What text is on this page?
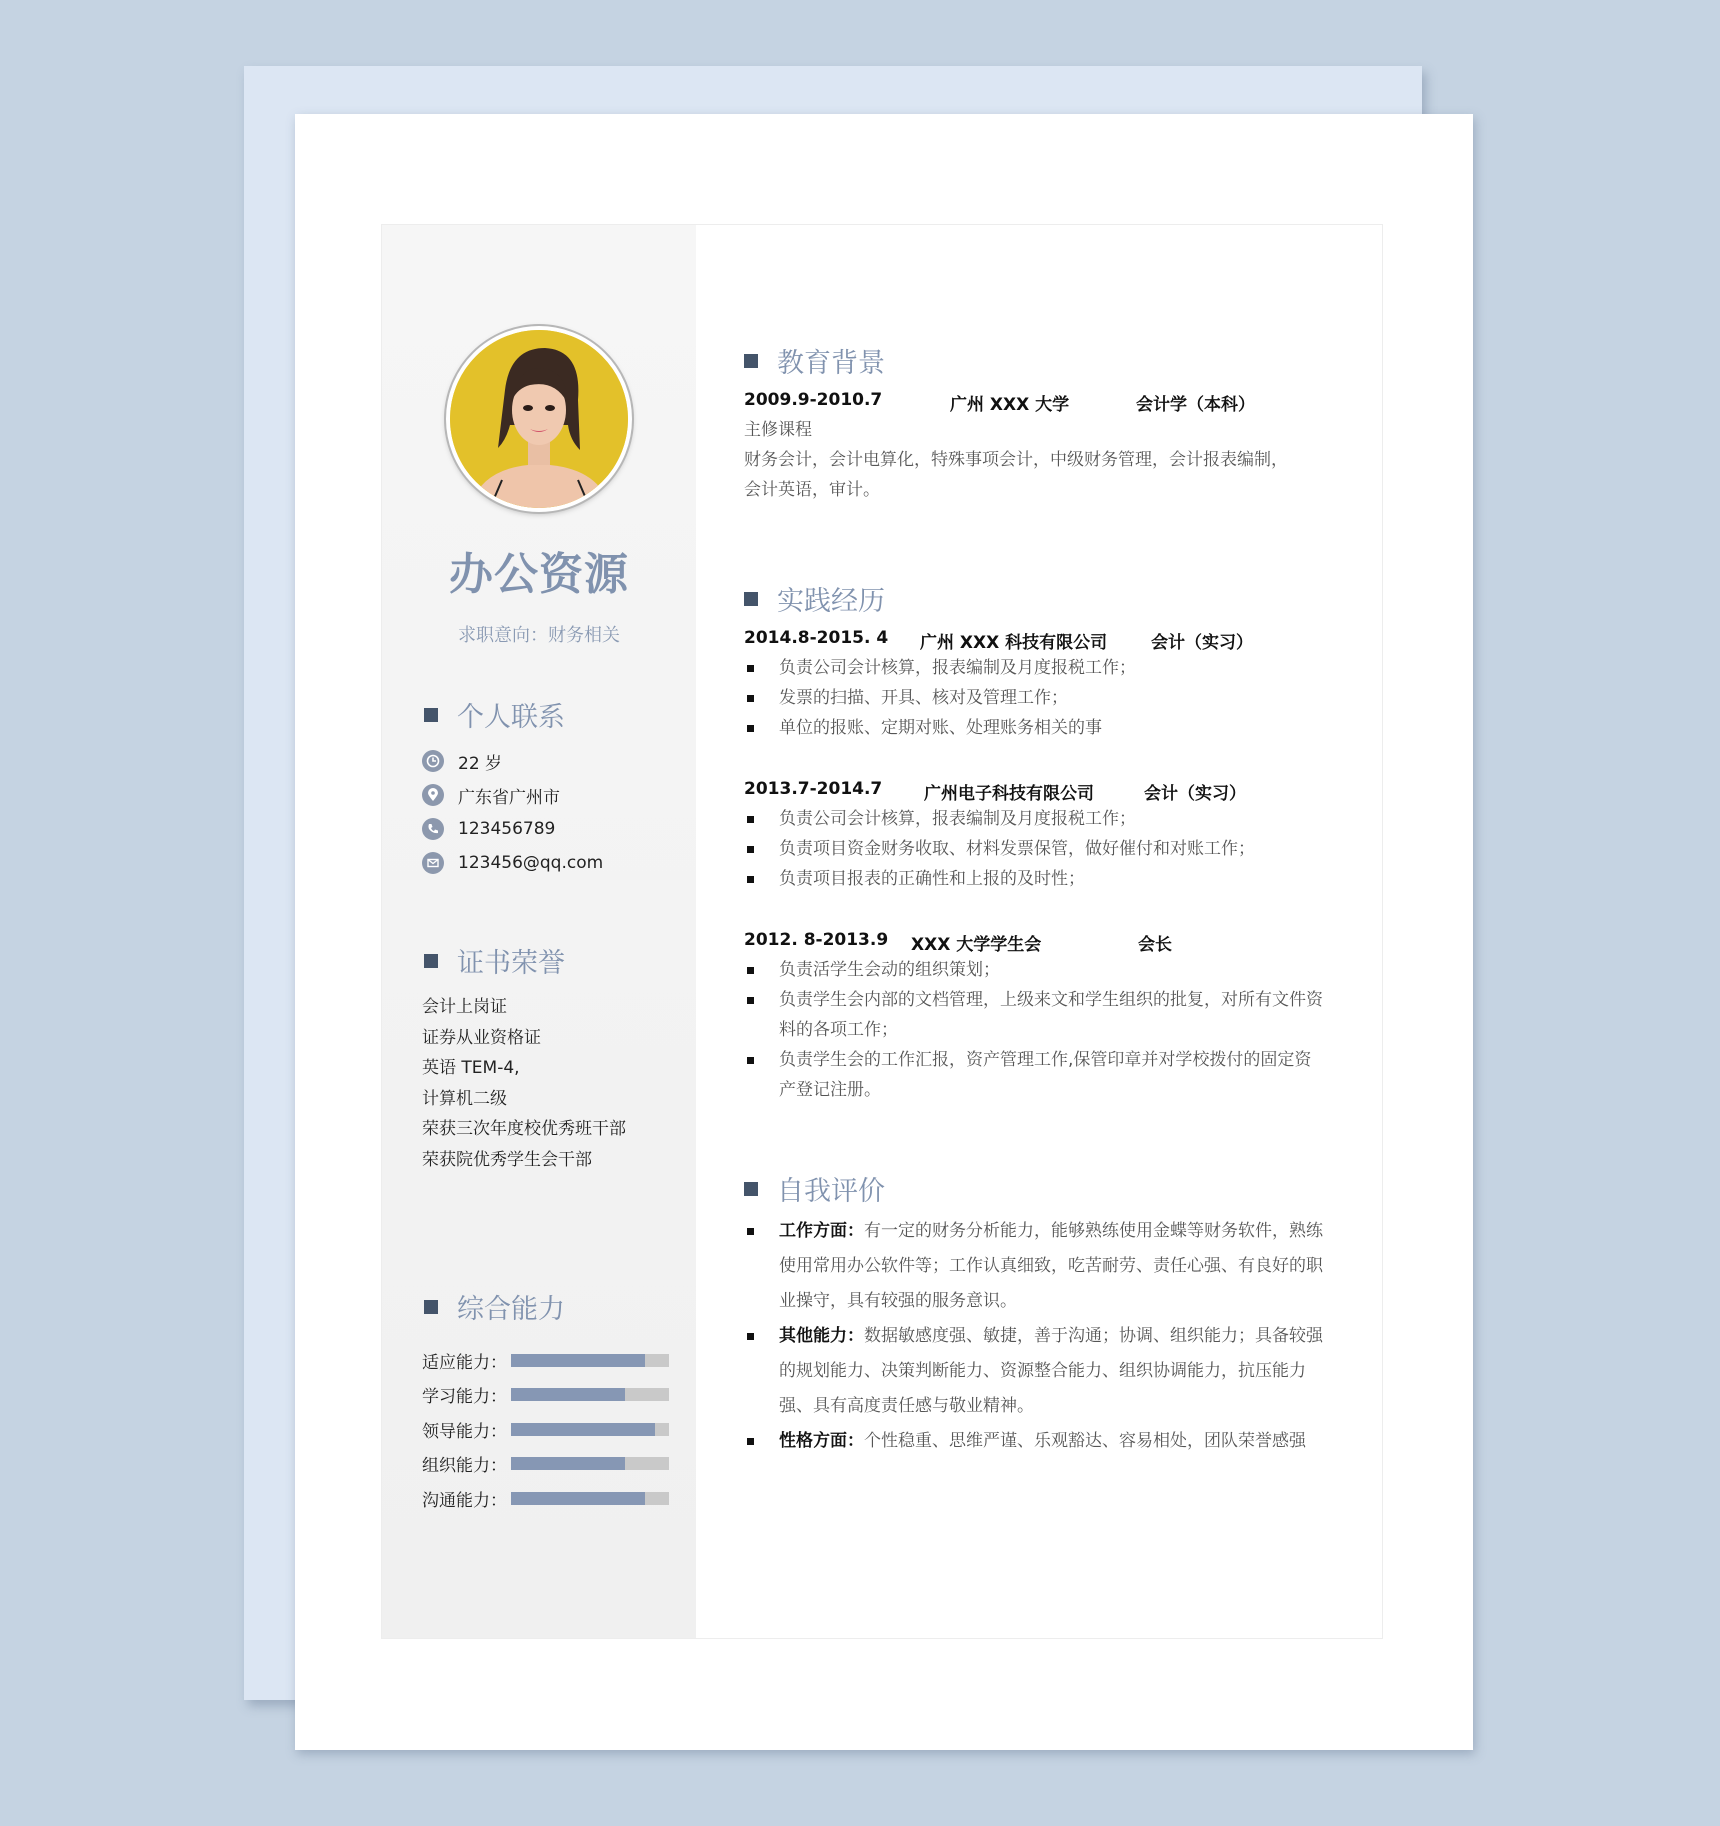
办公资源
求职意向：财务相关
个人联系
22 岁
广东省广州市
123456789
123456@qq.com
证书荣誉
会计上岗证
证券从业资格证
英语 TEM-4,
计算机二级
荣获三次年度校优秀班干部
荣获院优秀学生会干部
综合能力
适应能力：
学习能力：
领导能力：
组织能力：
沟通能力：
教育背景
2009.9-2010.7	广州 XXX 大学	会计学（本科）
主修课程
财务会计，会计电算化，特殊事项会计，中级财务管理，会计报表编制，
会计英语，审计。
实践经历
2014.8-2015. 4 广州 XXX 科技有限公司	会计（实习）
负责公司会计核算，报表编制及月度报税工作；
发票的扫描、开具、核对及管理工作；
单位的报账、定期对账、处理账务相关的事
2013.7-2014.7 广州电子科技有限公司	会计（实习）
负责公司会计核算，报表编制及月度报税工作；
负责项目资金财务收取、材料发票保管，做好催付和对账工作；
负责项目报表的正确性和上报的及时性；
2012. 8-2013.9 XXX 大学学生会	会长
负责活学生会动的组织策划；
负责学生会内部的文档管理，上级来文和学生组织的批复，对所有文件资料的各项工作；
负责学生会的工作汇报，资产管理工作,保管印章并对学校拨付的固定资产登记注册。
自我评价
工作方面：有一定的财务分析能力，能够熟练使用金蝶等财务软件，熟练使用常用办公软件等；工作认真细致，吃苦耐劳、责任心强、有良好的职业操守，具有较强的服务意识。
其他能力：数据敏感度强、敏捷，善于沟通；协调、组织能力；具备较强的规划能力、决策判断能力、资源整合能力、组织协调能力，抗压能力强、具有高度责任感与敬业精神。
性格方面：个性稳重、思维严谨、乐观豁达、容易相处，团队荣誉感强
